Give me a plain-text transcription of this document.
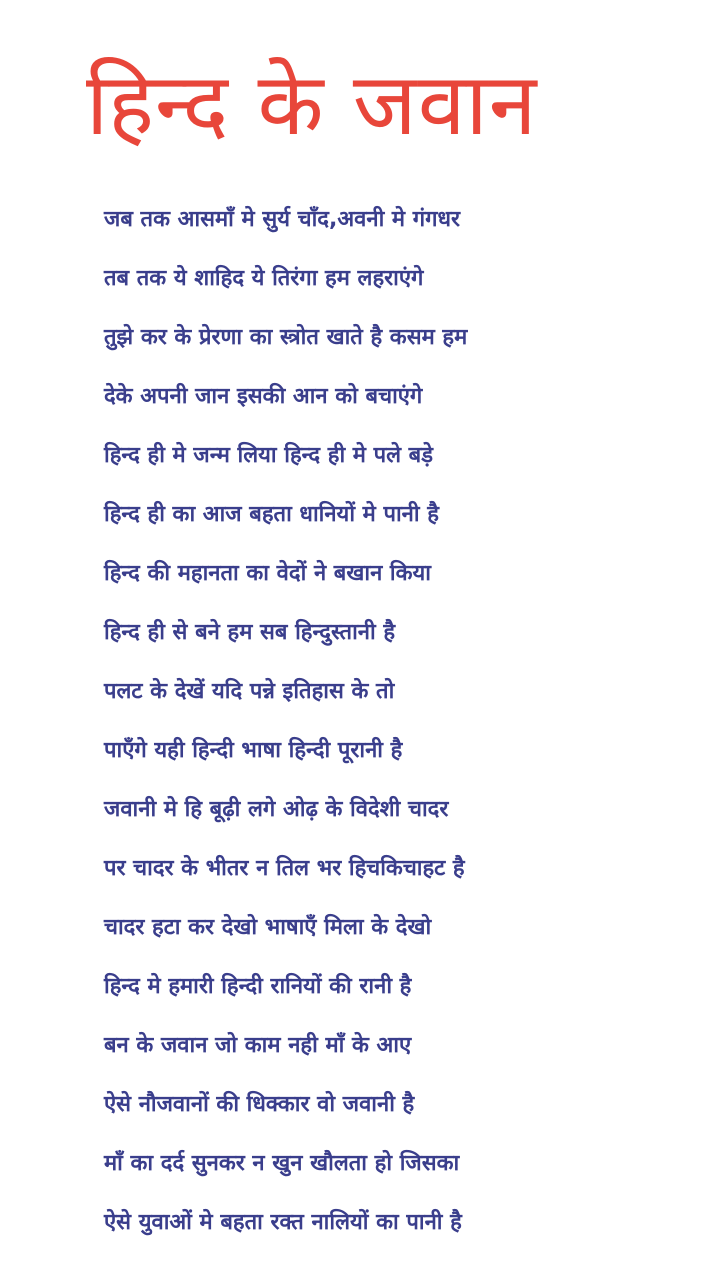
हिन्द के जवान
जब तक आसमाँ मे सुर्य चाँद,अवनी मे गंगधर
तब तक ये शाहिद ये तिरंगा हम लहराएंगे
तुझे कर के प्रेरणा का स्त्रोत खाते है कसम हम
देके अपनी जान इसकी आन को बचाएंगे
हिन्द ही मे जन्म लिया हिन्द ही मे पले बड़े
हिन्द ही का आज बहता धानियों मे पानी है
हिन्द की महानता का वेदों ने बखान किया
हिन्द ही से बने हम सब हिन्दुस्तानी है
पलट के देखें यदि पन्ने इतिहास के तो
पाएँगे यही हिन्दी भाषा हिन्दी पूरानी है
जवानी मे हि बूढ़ी लगे ओढ़ के विदेशी चादर
पर चादर के भीतर न तिल भर हिचकिचाहट है
चादर हटा कर देखो भाषाएँ मिला के देखो
हिन्द मे हमारी हिन्दी रानियों की रानी है
बन के जवान जो काम नही माँ के आए
ऐसे नौजवानों की धिक्कार वो जवानी है
माँ का दर्द सुनकर न खुन खौलता हो जिसका
ऐसे युवाओं मे बहता रक्त नालियों का पानी है
